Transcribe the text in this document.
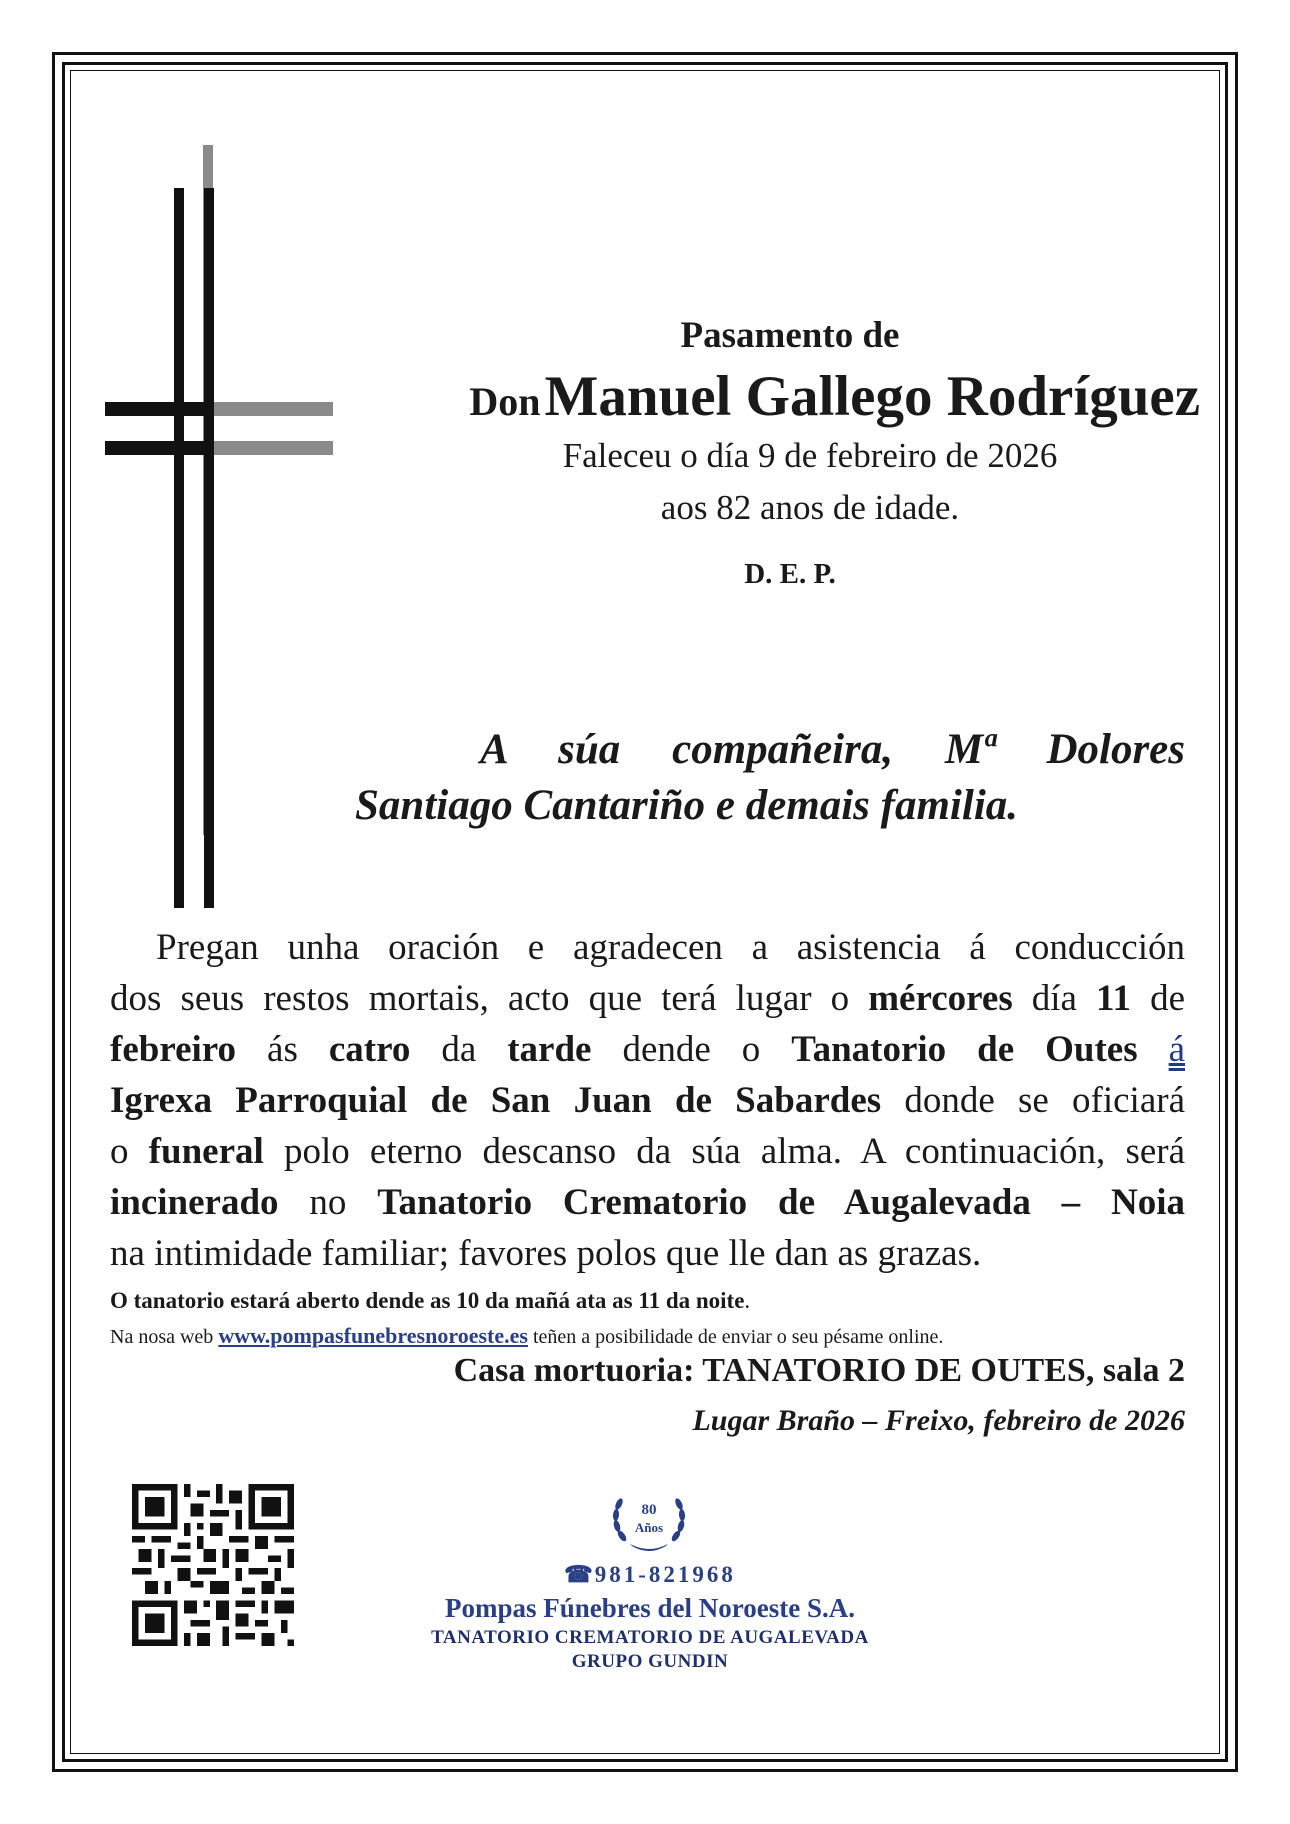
Pasamento de
Don Manuel Gallego Rodríguez
Faleceu o día 9 de febreiro de 2026
aos 82 anos de idade.
D. E. P.
A súa compañeira, Mª Dolores
Santiago Cantariño e demais familia.
Pregan unha oración e agradecen a asistencia á conducción
dos seus restos mortais, acto que terá lugar o mércores día 11 de
febreiro ás catro da tarde dende o Tanatorio de Outes á
Igrexa Parroquial de San Juan de Sabardes donde se oficiará
o funeral polo eterno descanso da súa alma. A continuación, será
incinerado no Tanatorio Crematorio de Augalevada – Noia
na intimidade familiar; favores polos que lle dan as grazas.
O tanatorio estará aberto dende as 10 da mañá ata as 11 da noite.
Na nosa web www.pompasfunebresnoroeste.es teñen a posibilidade de enviar o seu pésame online.
Casa mortuoria: TANATORIO DE OUTES, sala 2
Lugar Braño – Freixo, febreiro de 2026
80
Años
☎981-821968
Pompas Fúnebres del Noroeste S.A.
TANATORIO CREMATORIO DE AUGALEVADA
GRUPO GUNDIN
